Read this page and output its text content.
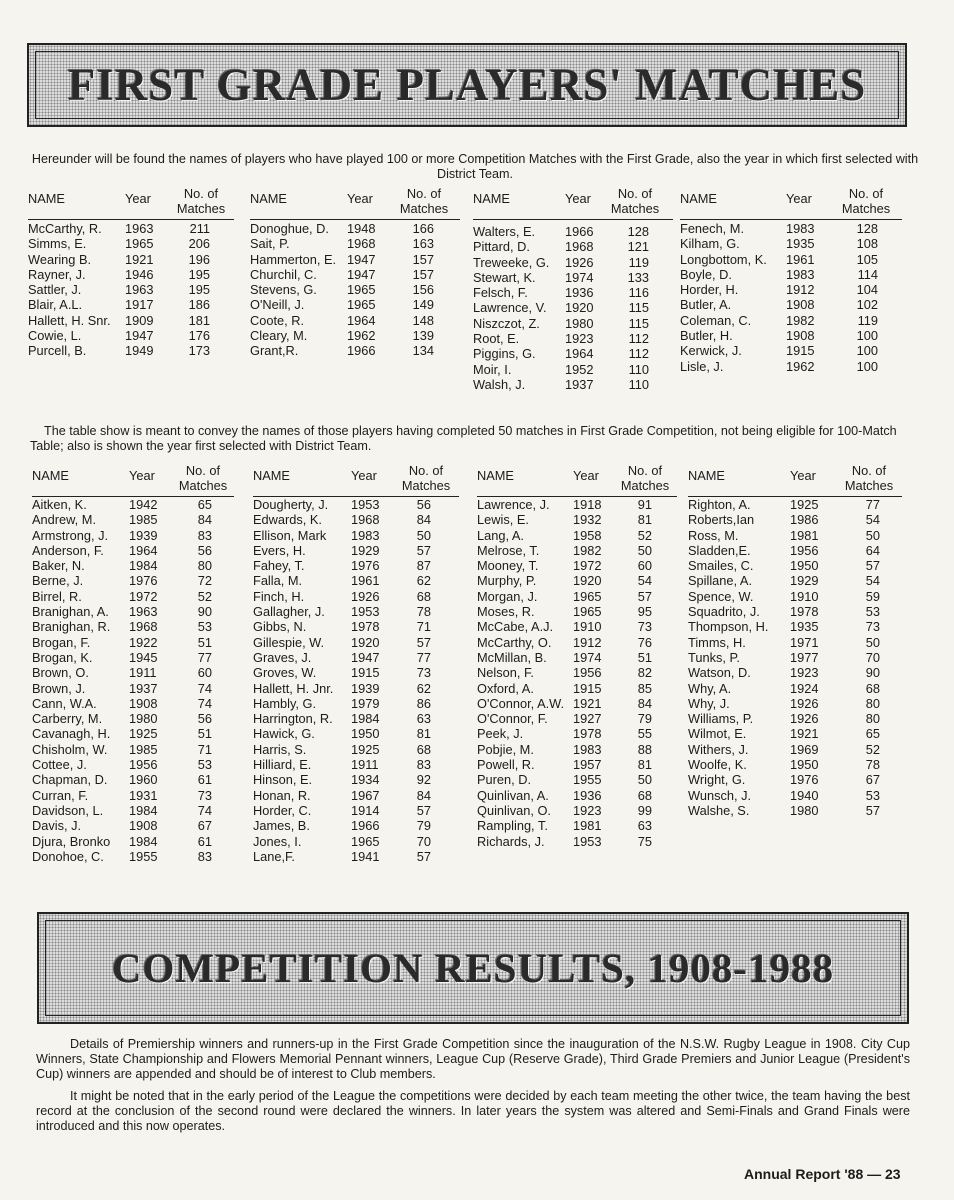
FIRST GRADE PLAYERS' MATCHES

Hereunder will be found the names of players who have played 100 or more Competition Matches with the First Grade, also the year in which first selected with District Team.

NAME	Year	No. of Matches
McCarthy, R. 1963	211
Simms, E.	1965	206
Wearing B.	1921	196
Rayner, J.	1946	195
Sattler, J.	1963	195
Blair, A.L.	1917	186
Hallett, H. Snr. 1909	181
Cowie, L.	1947	176
Purcell, B.	1949	173
NAME	Year	No. of Matches
Donoghue, D. 1948	166
Sait, P.	1968	163
Hammerton, E. 1947	157
Churchil, C. 1947	157
Stevens, G. 1965	156
O'Neill, J.	1965	149
Coote, R.	1964	148
Cleary, M.	1962	139
Grant,R.	1966	134
NAME	Year	No. of Matches
Walters, E. 1966	128
Pittard, D.	1968	121
Treweeke, G. 1926	119
Stewart, K. 1974	133
Felsch, F.	1936	116
Lawrence, V. 1920	115
Niszczot, Z. 1980	115
Root, E.	1923	112
Piggins, G. 1964	112
Moir, I.	1952	110
Walsh, J.	1937	110
NAME	Year	No. of Matches
Fenech, M.	1983	128
Kilham, G.	1935	108
Longbottom, K. 1961	105
Boyle, D.	1983	114
Horder, H.	1912	104
Butler, A.	1908	102
Coleman, C.	1982	119
Butler, H.	1908	100
Kerwick, J.	1915	100
Lisle, J.	1962	100

The table show is meant to convey the names of those players having completed 50 matches in First Grade Competition, not being eligible for 100-Match Table; also is shown the year first selected with District Team.

NAME	Year	No. of Matches
Aitken, K.	1942	65
Andrew, M.	1985	84
Armstrong, J. 1939	83
Anderson, F. 1964	56
Baker, N.	1984	80
Berne, J.	1976	72
Birrel, R.	1972	52
Branighan, A. 1963	90
Branighan, R. 1968	53
Brogan, F.	1922	51
Brogan, K.	1945	77
Brown, O.	1911	60
Brown, J.	1937	74
Cann, W.A.	1908	74
Carberry, M. 1980	56
Cavanagh, H. 1925	51
Chisholm, W. 1985	71
Cottee, J.	1956	53
Chapman, D. 1960	61
Curran, F.	1931	73
Davidson, L. 1984	74
Davis, J.	1908	67
Djura, Bronko 1984	61
Donohoe, C. 1955	83
NAME	Year	No. of Matches
Dougherty, J. 1953	56
Edwards, K. 1968	84
Ellison, Mark 1983	50
Evers, H.	1929	57
Fahey, T.	1976	87
Falla, M.	1961	62
Finch, H.	1926	68
Gallagher, J. 1953	78
Gibbs, N.	1978	71
Gillespie, W. 1920	57
Graves, J.	1947	77
Groves, W.	1915	73
Hallett, H. Jnr. 1939	62
Hambly, G.	1979	86
Harrington, R. 1984	63
Hawick, G.	1950	81
Harris, S.	1925	68
Hilliard, E.	1911	83
Hinson, E.	1934	92
Honan, R.	1967	84
Horder, C.	1914	57
James, B.	1966	79
Jones, I.	1965	70
Lane,F.	1941	57
NAME	Year	No. of Matches
Lawrence, J. 1918	91
Lewis, E.	1932	81
Lang, A.	1958	52
Melrose, T.	1982	50
Mooney, T.	1972	60
Murphy, P.	1920	54
Morgan, J.	1965	57
Moses, R.	1965	95
McCabe, A.J. 1910	73
McCarthy, O. 1912	76
McMillan, B. 1974	51
Nelson, F.	1956	82
Oxford, A.	1915	85
O'Connor, A.W. 1921	84
O'Connor, F. 1927	79
Peek, J.	1978	55
Pobjie, M.	1983	88
Powell, R.	1957	81
Puren, D.	1955	50
Quinlivan, A. 1936	68
Quinlivan, O. 1923	99
Rampling, T. 1981	63
Richards, J. 1953	75
NAME	Year	No. of Matches
Righton, A.	1925	77
Roberts,Ian	1986	54
Ross, M.	1981	50
Sladden,E.	1956	64
Smailes, C.	1950	57
Spillane, A.	1929	54
Spence, W.	1910	59
Squadrito, J. 1978	53
Thompson, H. 1935	73
Timms, H.	1971	50
Tunks, P.	1977	70
Watson, D.	1923	90
Why, A.	1924	68
Why, J.	1926	80
Williams, P.	1926	80
Wilmot, E.	1921	65
Withers, J.	1969	52
Woolfe, K.	1950	78
Wright, G.	1976	67
Wunsch, J.	1940	53
Walshe, S.	1980	57
COMPETITION RESULTS, 1908-1988

Details of Premiership winners and runners-up in the First Grade Competition since the inauguration of the N.S.W. Rugby League in 1908. City Cup Winners, State Championship and Flowers Memorial Pennant winners, League Cup (Reserve Grade), Third Grade Premiers and Junior League (President's Cup) winners are appended and should be of interest to Club members.

It might be noted that in the early period of the League the competitions were decided by each team meeting the other twice, the team having the best record at the conclusion of the second round were declared the winners. In later years the system was altered and Semi-Finals and Grand Finals were introduced and this now operates.

Annual Report '88 — 23
